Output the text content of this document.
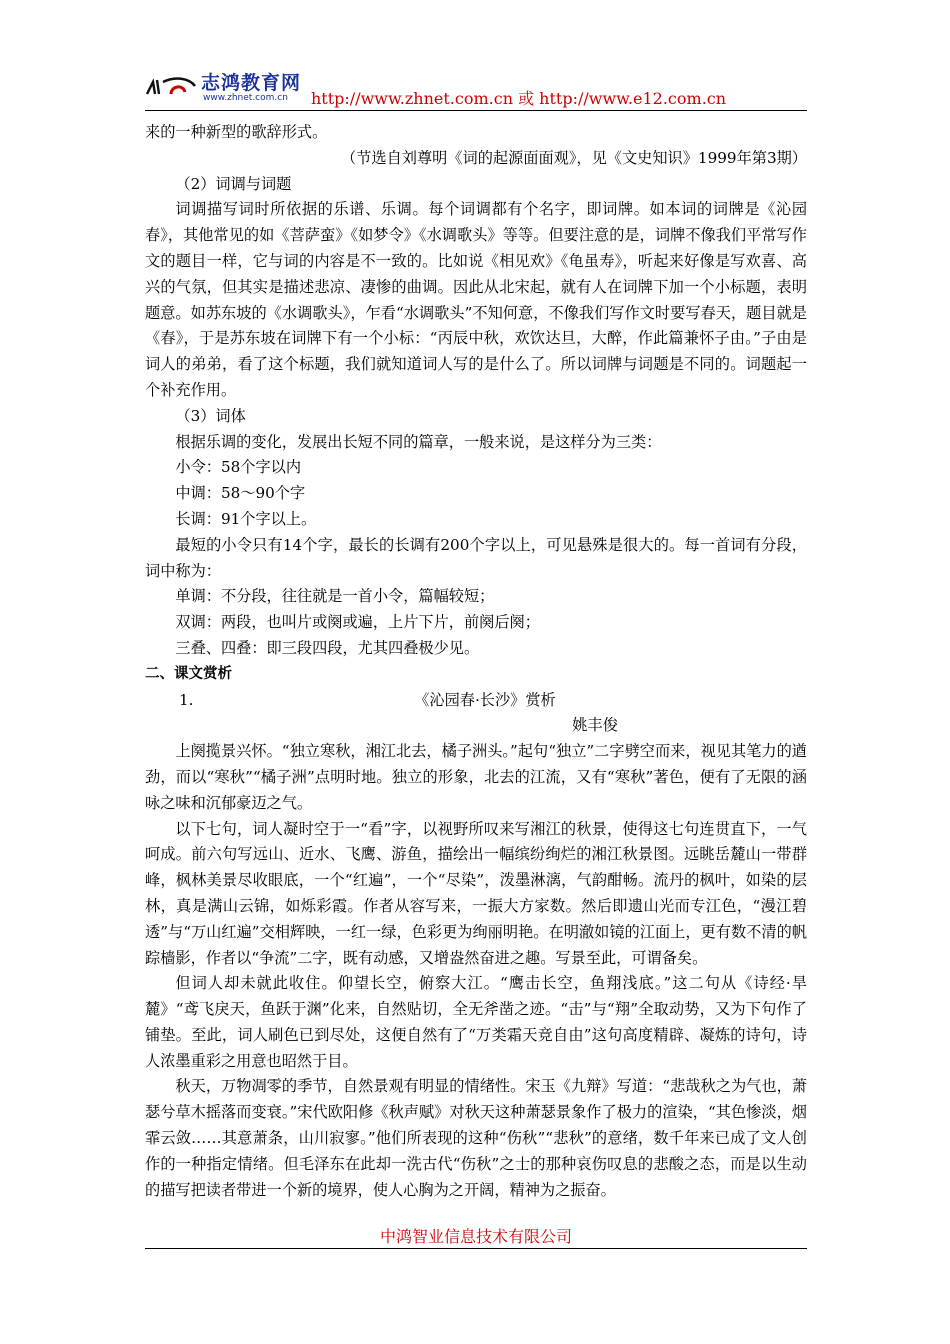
志鸿教育网
www.zhnet.com.cn http://www.zhnet.com.cn 或 http://www.e12.com.cn

来的一种新型的歌辞形式。

（节选自刘尊明《词的起源面面观》，见《文史知识》1999年第3期）

（2）词调与词题

词调描写词时所依据的乐谱、乐调。每个词调都有个名字，即词牌。如本词的词牌是《沁园春》，其他常见的如《菩萨蛮》《如梦令》《水调歌头》等等。但要注意的是，词牌不像我们平常写作文的题目一样，它与词的内容是不一致的。比如说《相见欢》《龟虽寿》，听起来好像是写欢喜、高兴的气氛，但其实是描述悲凉、凄惨的曲调。因此从北宋起，就有人在词牌下加一个小标题，表明题意。如苏东坡的《水调歌头》，乍看“水调歌头”不知何意，不像我们写作文时要写春天，题目就是《春》，于是苏东坡在词牌下有一个小标：“丙辰中秋，欢饮达旦，大醉，作此篇兼怀子由。”子由是词人的弟弟，看了这个标题，我们就知道词人写的是什么了。所以词牌与词题是不同的。词题起一个补充作用。

（3）词体

根据乐调的变化，发展出长短不同的篇章，一般来说，是这样分为三类：

小令：58个字以内

中调：58～90个字

长调：91个字以上。

最短的小令只有14个字，最长的长调有200个字以上，可见悬殊是很大的。每一首词有分段，词中称为：

单调：不分段，往往就是一首小令，篇幅较短；

双调：两段，也叫片或阕或遍，上片下片，前阕后阕；

三叠、四叠：即三段四段，尤其四叠极少见。

二、课文赏析

1.	《沁园春·长沙》赏析

姚丰俊

上阕揽景兴怀。“独立寒秋，湘江北去，橘子洲头。”起句“独立”二字劈空而来，视见其笔力的遒劲，而以“寒秋”“橘子洲”点明时地。独立的形象，北去的江流，又有“寒秋”著色，便有了无限的涵咏之味和沉郁豪迈之气。

以下七句，词人凝时空于一“看”字，以视野所叹来写湘江的秋景，使得这七句连贯直下，一气呵成。前六句写远山、近水、飞鹰、游鱼，描绘出一幅缤纷绚烂的湘江秋景图。远眺岳麓山一带群峰，枫林美景尽收眼底，一个“红遍”，一个“尽染”，泼墨淋漓，气韵酣畅。流丹的枫叶，如染的层林，真是满山云锦，如烁彩霞。作者从容写来，一振大方家数。然后即遗山光而专江色，“漫江碧透”与“万山红遍”交相辉映，一红一绿，色彩更为绚丽明艳。在明澈如镜的江面上，更有数不清的帆踪樯影，作者以“争流”二字，既有动感，又增盎然奋进之趣。写景至此，可谓备矣。

但词人却未就此收住。仰望长空，俯察大江。“鹰击长空，鱼翔浅底。”这二句从《诗经·旱麓》“鸢飞戾天，鱼跃于渊”化来，自然贴切，全无斧凿之迹。“击”与“翔”全取动势，又为下句作了铺垫。至此，词人刷色已到尽处，这便自然有了“万类霜天竞自由”这句高度精辟、凝炼的诗句，诗人浓墨重彩之用意也昭然于目。

秋天，万物凋零的季节，自然景观有明显的情绪性。宋玉《九辩》写道：“悲哉秋之为气也，萧瑟兮草木摇落而变衰。”宋代欧阳修《秋声赋》对秋天这种萧瑟景象作了极力的渲染，“其色惨淡，烟霏云敛……其意萧条，山川寂寥。”他们所表现的这种“伤秋”“悲秋”的意绪，数千年来已成了文人创作的一种指定情绪。但毛泽东在此却一洗古代“伤秋”之士的那种哀伤叹息的悲酸之态，而是以生动的描写把读者带进一个新的境界，使人心胸为之开阔，精神为之振奋。

中鸿智业信息技术有限公司
